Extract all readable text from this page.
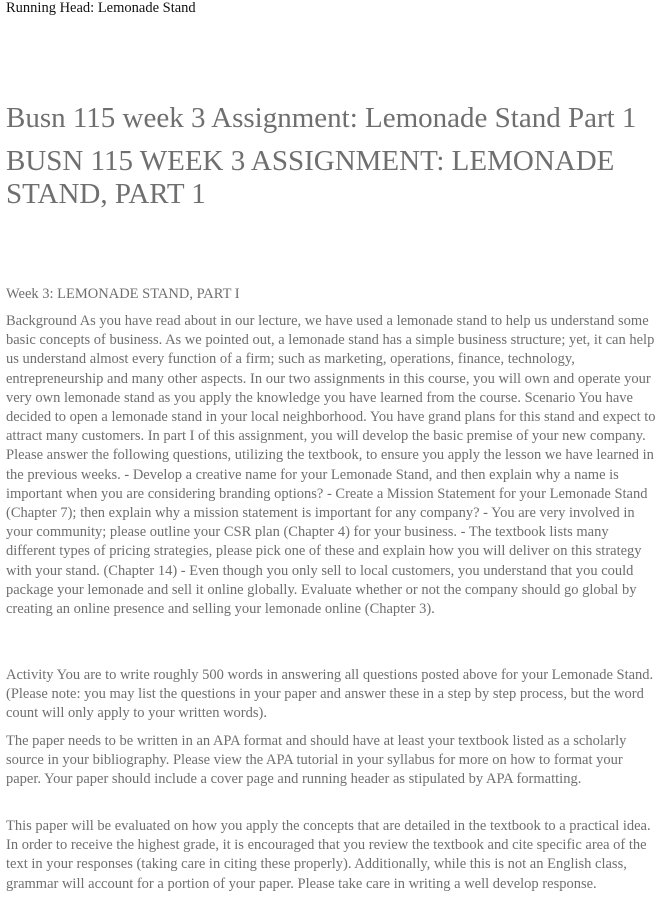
Running Head: Lemonade Stand
Busn 115 week 3 Assignment: Lemonade Stand Part 1
BUSN 115 WEEK 3 ASSIGNMENT: LEMONADE STAND, PART 1
Week 3: LEMONADE STAND, PART I

Background As you have read about in our lecture, we have used a lemonade stand to help us understand some basic concepts of business. As we pointed out, a lemonade stand has a simple business structure; yet, it can help us understand almost every function of a firm; such as marketing, operations, finance, technology, entrepreneurship and many other aspects. In our two assignments in this course, you will own and operate your very own lemonade stand as you apply the knowledge you have learned from the course. Scenario You have decided to open a lemonade stand in your local neighborhood. You have grand plans for this stand and expect to attract many customers. In part I of this assignment, you will develop the basic premise of your new company. Please answer the following questions, utilizing the textbook, to ensure you apply the lesson we have learned in the previous weeks. - Develop a creative name for your Lemonade Stand, and then explain why a name is important when you are considering branding options? - Create a Mission Statement for your Lemonade Stand (Chapter 7); then explain why a mission statement is important for any company? - You are very involved in your community; please outline your CSR plan (Chapter 4) for your business. - The textbook lists many different types of pricing strategies, please pick one of these and explain how you will deliver on this strategy with your stand. (Chapter 14) - Even though you only sell to local customers, you understand that you could package your lemonade and sell it online globally. Evaluate whether or not the company should go global by creating an online presence and selling your lemonade online (Chapter 3).

Activity You are to write roughly 500 words in answering all questions posted above for your Lemonade Stand. (Please note: you may list the questions in your paper and answer these in a step by step process, but the word count will only apply to your written words).

The paper needs to be written in an APA format and should have at least your textbook listed as a scholarly source in your bibliography. Please view the APA tutorial in your syllabus for more on how to format your paper. Your paper should include a cover page and running header as stipulated by APA formatting.

This paper will be evaluated on how you apply the concepts that are detailed in the textbook to a practical idea. In order to receive the highest grade, it is encouraged that you review the textbook and cite specific area of the text in your responses (taking care in citing these properly). Additionally, while this is not an English class, grammar will account for a portion of your paper. Please take care in writing a well develop response.
